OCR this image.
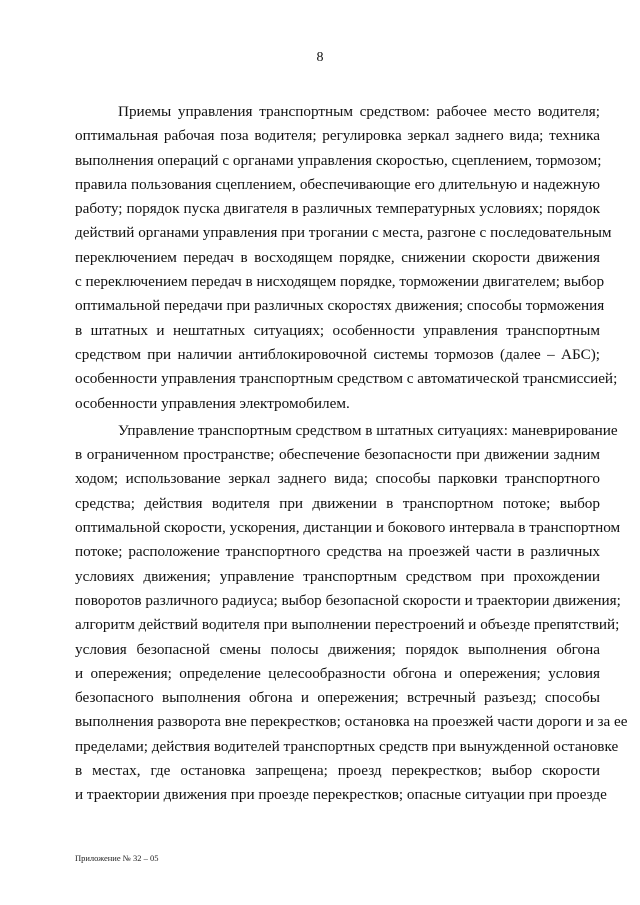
8
Приемы управления транспортным средством: рабочее место водителя;
оптимальная рабочая поза водителя; регулировка зеркал заднего вида; техника
выполнения операций с органами управления скоростью, сцеплением, тормозом;
правила пользования сцеплением, обеспечивающие его длительную и надежную
работу; порядок пуска двигателя в различных температурных условиях; порядок
действий органами управления при трогании с места, разгоне с последовательным
переключением передач в восходящем порядке, снижении скорости движения
с переключением передач в нисходящем порядке, торможении двигателем; выбор
оптимальной передачи при различных скоростях движения; способы торможения
в штатных и нештатных ситуациях; особенности управления транспортным
средством при наличии антиблокировочной системы тормозов (далее – АБС);
особенности управления транспортным средством с автоматической трансмиссией;
особенности управления электромобилем.
Управление транспортным средством в штатных ситуациях: маневрирование
в ограниченном пространстве; обеспечение безопасности при движении задним
ходом; использование зеркал заднего вида; способы парковки транспортного
средства; действия водителя при движении в транспортном потоке; выбор
оптимальной скорости, ускорения, дистанции и бокового интервала в транспортном
потоке; расположение транспортного средства на проезжей части в различных
условиях движения; управление транспортным средством при прохождении
поворотов различного радиуса; выбор безопасной скорости и траектории движения;
алгоритм действий водителя при выполнении перестроений и объезде препятствий;
условия безопасной смены полосы движения; порядок выполнения обгона
и опережения; определение целесообразности обгона и опережения; условия
безопасного выполнения обгона и опережения; встречный разъезд; способы
выполнения разворота вне перекрестков; остановка на проезжей части дороги и за ее
пределами; действия водителей транспортных средств при вынужденной остановке
в местах, где остановка запрещена; проезд перекрестков; выбор скорости
и траектории движения при проезде перекрестков; опасные ситуации при проезде
Приложение № 32 – 05
